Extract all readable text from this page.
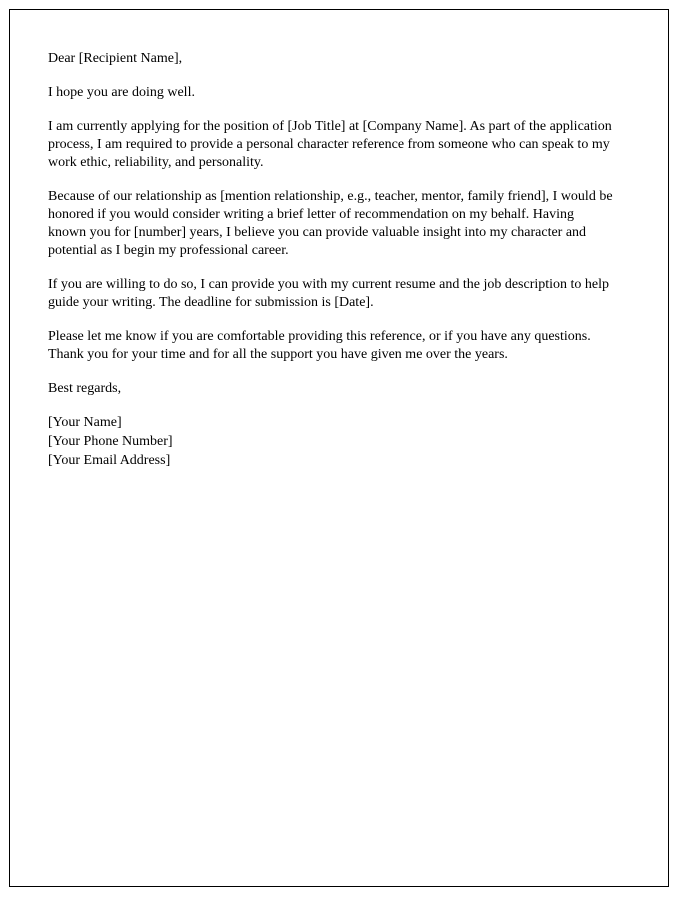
Dear [Recipient Name],

I hope you are doing well.

I am currently applying for the position of [Job Title] at [Company Name]. As part of the application process, I am required to provide a personal character reference from someone who can speak to my work ethic, reliability, and personality.

Because of our relationship as [mention relationship, e.g., teacher, mentor, family friend], I would be honored if you would consider writing a brief letter of recommendation on my behalf. Having known you for [number] years, I believe you can provide valuable insight into my character and potential as I begin my professional career.

If you are willing to do so, I can provide you with my current resume and the job description to help guide your writing. The deadline for submission is [Date].

Please let me know if you are comfortable providing this reference, or if you have any questions. Thank you for your time and for all the support you have given me over the years.

Best regards,

[Your Name]

[Your Phone Number]

[Your Email Address]
